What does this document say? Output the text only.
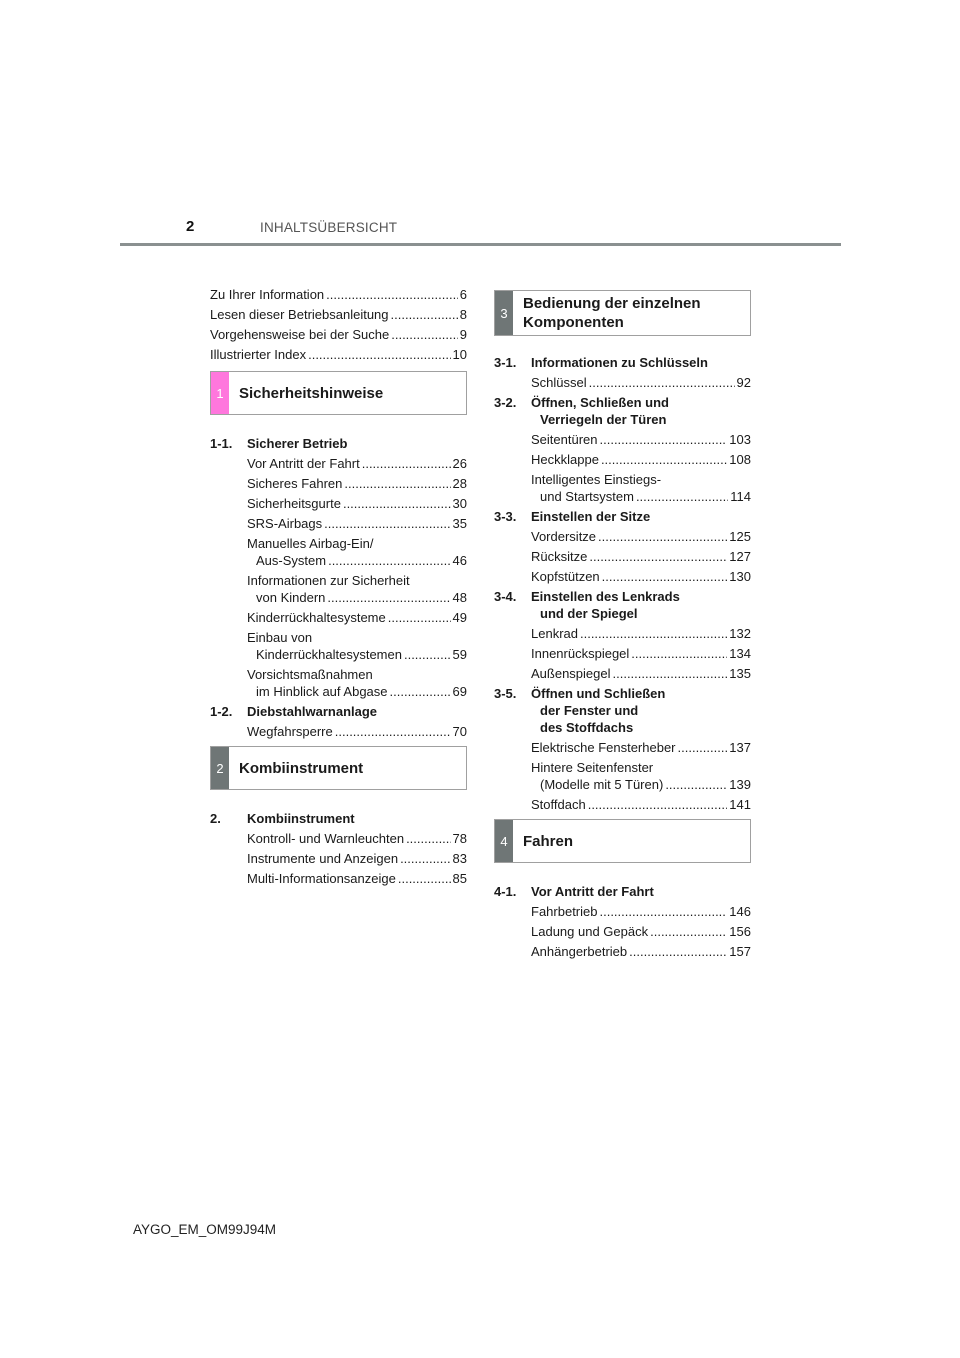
2	INHALTSÜBERSICHT
Zu Ihrer Information .....	6
Lesen dieser Betriebsanleitung .....	8
Vorgehensweise bei der Suche .....	9
Illustrierter Index .....	10
1	Sicherheitshinweise
1-1.	Sicherer Betrieb
Vor Antritt der Fahrt .....	26
Sicheres Fahren .....	28
Sicherheitsgurte .....	30
SRS-Airbags .....	35
Manuelles Airbag-Ein/
Aus-System .....	46
Informationen zur Sicherheit
von Kindern .....	48
Kinderrückhaltesysteme .....	49
Einbau von
Kinderrückhaltesystemen .....	59
Vorsichtsmaßnahmen
im Hinblick auf Abgase .....	69
1-2.	Diebstahlwarnanlage
Wegfahrsperre .....	70
2	Kombiinstrument
2.	Kombiinstrument
Kontroll- und Warnleuchten .....	78
Instrumente und Anzeigen .....	83
Multi-Informationsanzeige .....	85
3
Bedienung der einzelnen
Komponenten
3-1.	Informationen zu Schlüsseln
Schlüssel .....	92
3-2.	Öffnen, Schließen und
Verriegeln der Türen
Seitentüren .....	103
Heckklappe .....	108
Intelligentes Einstiegs-
und Startsystem .....	114
3-3.	Einstellen der Sitze
Vordersitze .....	125
Rücksitze .....	127
Kopfstützen .....	130
3-4.	Einstellen des Lenkrads
und der Spiegel
Lenkrad .....	132
Innenrückspiegel .....	134
Außenspiegel .....	135
3-5.	Öffnen und Schließen
der Fenster und
des Stoffdachs
Elektrische Fensterheber .....	137
Hintere Seitenfenster
(Modelle mit 5 Türen) .....	139
Stoffdach .....	141
4	Fahren
4-1.	Vor Antritt der Fahrt
Fahrbetrieb .....	146
Ladung und Gepäck .....	156
Anhängerbetrieb .....	157
AYGO_EM_OM99J94M
